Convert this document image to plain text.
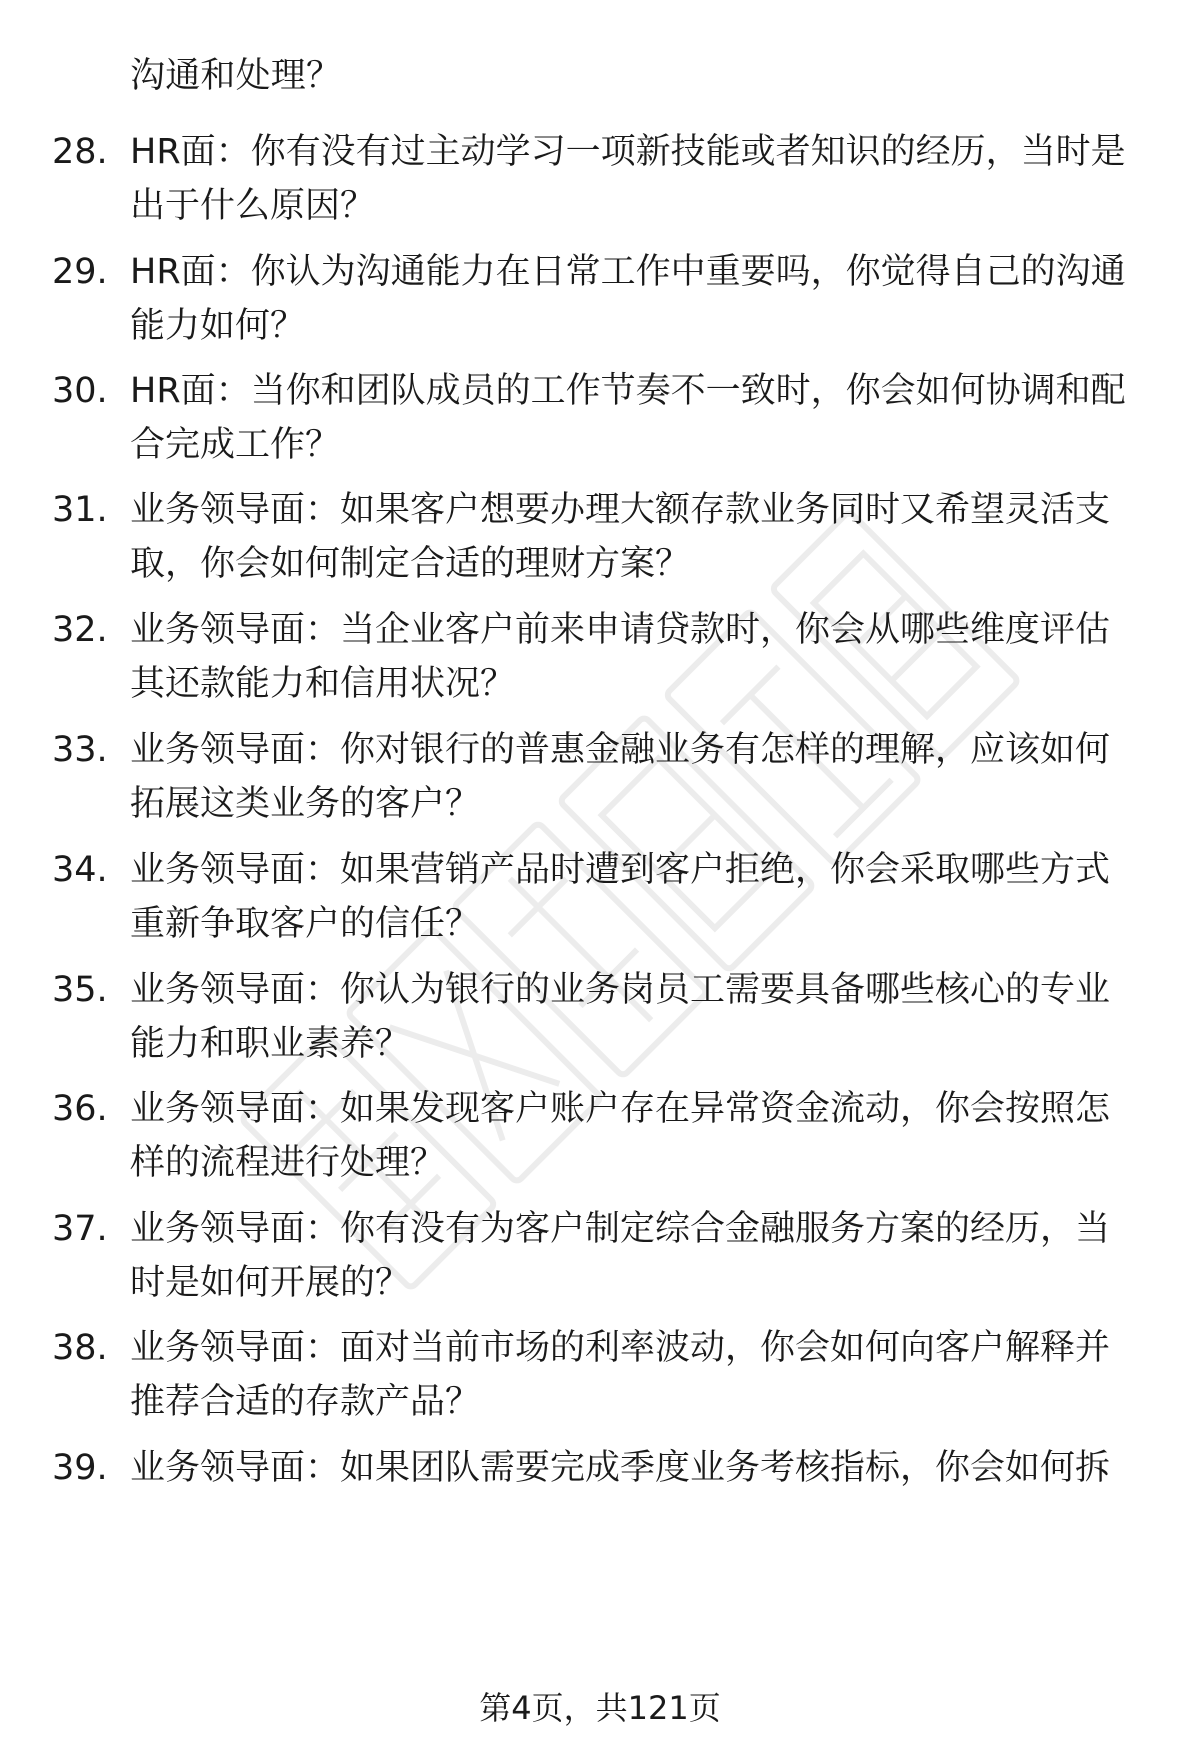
沟通和处理？
28. HR面：你有没有过主动学习一项新技能或者知识的经历，当时是
出于什么原因？
29. HR面：你认为沟通能力在日常工作中重要吗，你觉得自己的沟通
能力如何？
30. HR面：当你和团队成员的工作节奏不一致时，你会如何协调和配
合完成工作？
31. 业务领导面：如果客户想要办理大额存款业务同时又希望灵活支
取，你会如何制定合适的理财方案？
32. 业务领导面：当企业客户前来申请贷款时，你会从哪些维度评估
其还款能力和信用状况？
33. 业务领导面：你对银行的普惠金融业务有怎样的理解，应该如何
拓展这类业务的客户？
34. 业务领导面：如果营销产品时遭到客户拒绝，你会采取哪些方式
重新争取客户的信任？
35. 业务领导面：你认为银行的业务岗员工需要具备哪些核心的专业
能力和职业素养？
36. 业务领导面：如果发现客户账户存在异常资金流动，你会按照怎
样的流程进行处理？
37. 业务领导面：你有没有为客户制定综合金融服务方案的经历，当
时是如何开展的？
38. 业务领导面：面对当前市场的利率波动，你会如何向客户解释并
推荐合适的存款产品？
39. 业务领导面：如果团队需要完成季度业务考核指标，你会如何拆
第4页，共121页
